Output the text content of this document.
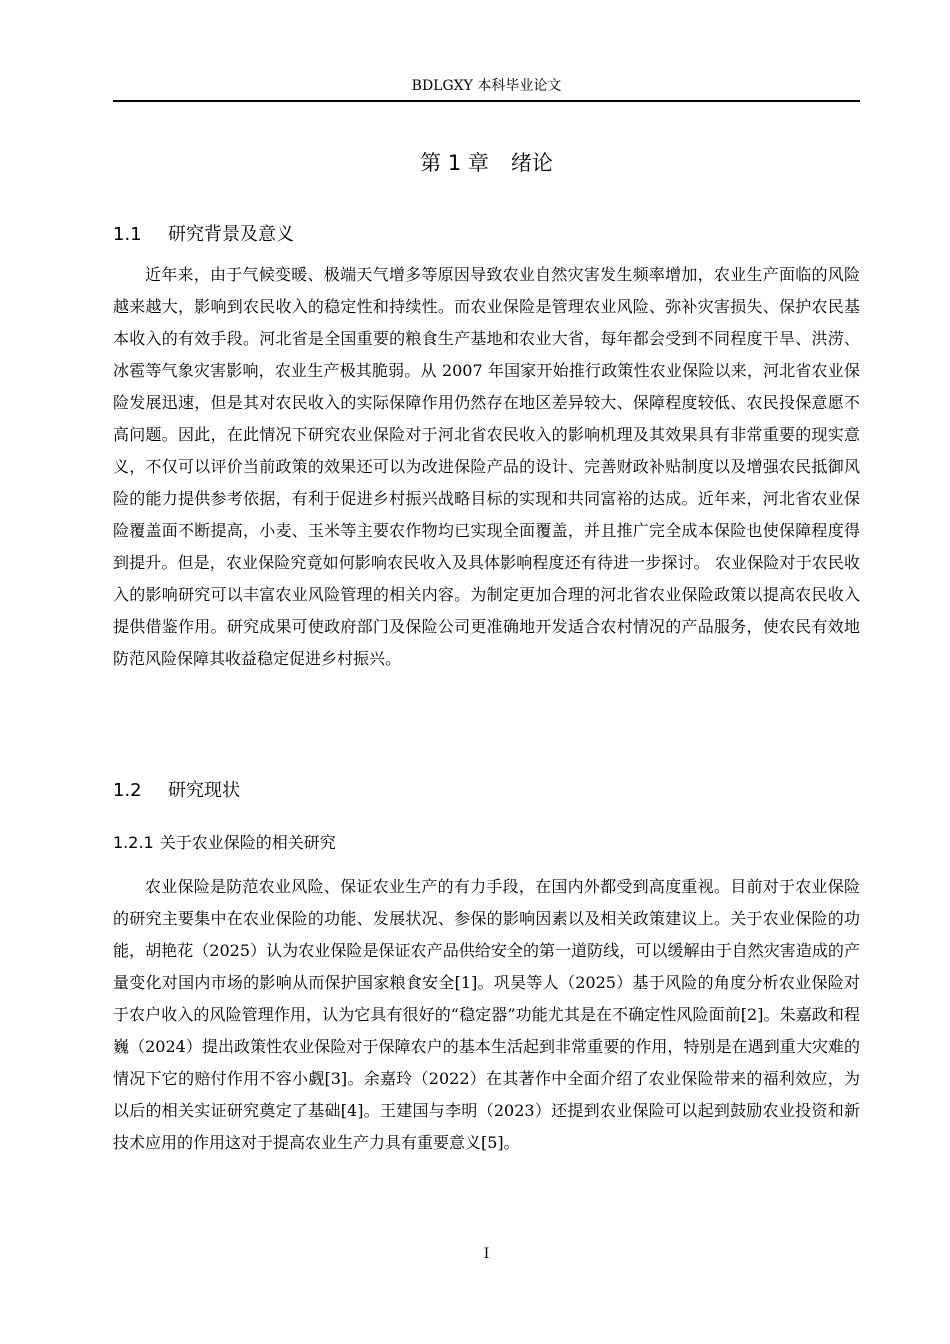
BDLGXY 本科毕业论文
第 1 章 绪论
1.1 研究背景及意义

近年来，由于气候变暖、极端天气增多等原因导致农业自然灾害发生频率增加，农业生产面临的风险越来越大，影响到农民收入的稳定性和持续性。而农业保险是管理农业风险、弥补灾害损失、保护农民基本收入的有效手段。河北省是全国重要的粮食生产基地和农业大省，每年都会受到不同程度干旱、洪涝、冰雹等气象灾害影响，农业生产极其脆弱。从 2007 年国家开始推行政策性农业保险以来，河北省农业保险发展迅速，但是其对农民收入的实际保障作用仍然存在地区差异较大、保障程度较低、农民投保意愿不高问题。因此，在此情况下研究农业保险对于河北省农民收入的影响机理及其效果具有非常重要的现实意义，不仅可以评价当前政策的效果还可以为改进保险产品的设计、完善财政补贴制度以及增强农民抵御风险的能力提供参考依据，有利于促进乡村振兴战略目标的实现和共同富裕的达成。近年来，河北省农业保险覆盖面不断提高，小麦、玉米等主要农作物均已实现全面覆盖，并且推广完全成本保险也使保障程度得到提升。但是，农业保险究竟如何影响农民收入及具体影响程度还有待进一步探讨。 农业保险对于农民收入的影响研究可以丰富农业风险管理的相关内容。为制定更加合理的河北省农业保险政策以提高农民收入提供借鉴作用。研究成果可使政府部门及保险公司更准确地开发适合农村情况的产品服务，使农民有效地防范风险保障其收益稳定促进乡村振兴。

1.2 研究现状
1.2.1 关于农业保险的相关研究

农业保险是防范农业风险、保证农业生产的有力手段，在国内外都受到高度重视。目前对于农业保险的研究主要集中在农业保险的功能、发展状况、参保的影响因素以及相关政策建议上。关于农业保险的功能，胡艳花（2025）认为农业保险是保证农产品供给安全的第一道防线，可以缓解由于自然灾害造成的产量变化对国内市场的影响从而保护国家粮食安全[1]。巩昊等人（2025）基于风险的角度分析农业保险对于农户收入的风险管理作用，认为它具有很好的“稳定器”功能尤其是在不确定性风险面前[2]。朱嘉政和程巍（2024）提出政策性农业保险对于保障农户的基本生活起到非常重要的作用，特别是在遇到重大灾难的情况下它的赔付作用不容小觑[3]。余嘉玲（2022）在其著作中全面介绍了农业保险带来的福利效应，为以后的相关实证研究奠定了基础[4]。王建国与李明（2023）还提到农业保险可以起到鼓励农业投资和新技术应用的作用这对于提高农业生产力具有重要意义[5]。

I
